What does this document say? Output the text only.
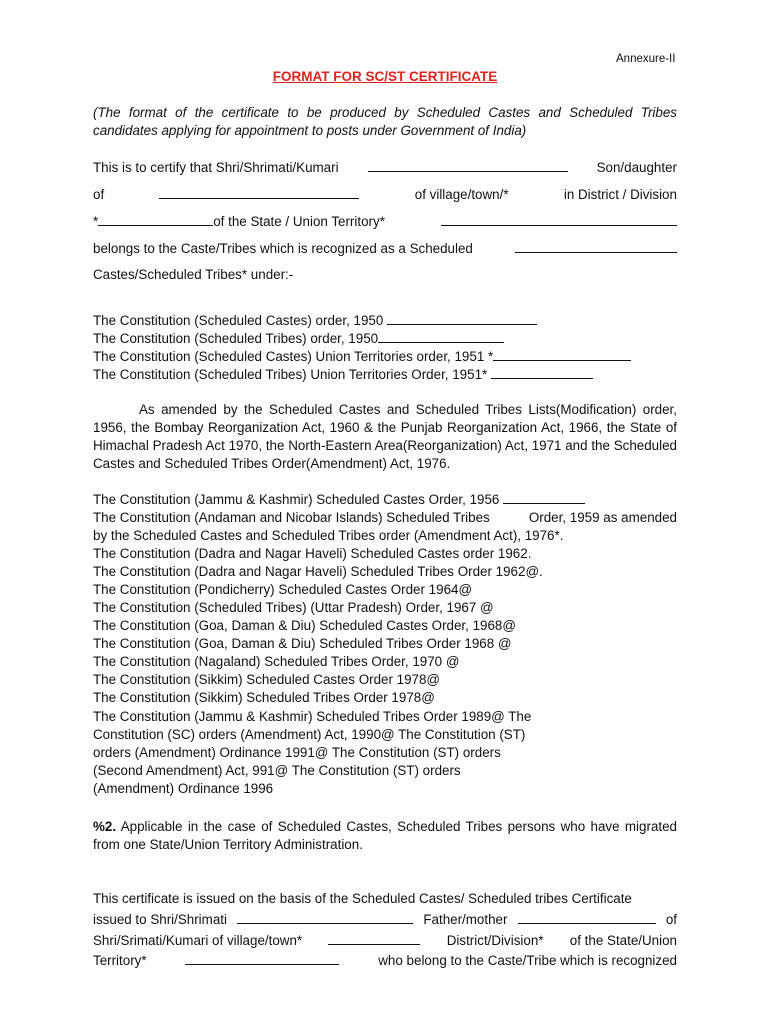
Annexure-II
FORMAT FOR SC/ST CERTIFICATE
(The format of the certificate to be produced by Scheduled Castes and Scheduled Tribes candidates applying for appointment to posts under Government of India)
This is to certify that Shri/Shrimati/Kumari	Son/daughter
of	of village/town/*	in District / Division
*	of the State / Union Territory*
belongs to the Caste/Tribes which is recognized as a Scheduled
Castes/Scheduled Tribes* under:-
The Constitution (Scheduled Castes) order, 1950
The Constitution (Scheduled Tribes) order, 1950
The Constitution (Scheduled Castes) Union Territories order, 1951 *
The Constitution (Scheduled Tribes) Union Territories Order, 1951*
As amended by the Scheduled Castes and Scheduled Tribes Lists(Modification) order, 1956, the Bombay Reorganization Act, 1960 & the Punjab Reorganization Act, 1966, the State of Himachal Pradesh Act 1970, the North-Eastern Area(Reorganization) Act, 1971 and the Scheduled Castes and Scheduled Tribes Order(Amendment) Act, 1976.
The Constitution (Jammu & Kashmir) Scheduled Castes Order, 1956
The Constitution (Andaman and Nicobar Islands) Scheduled Tribes	Order, 1959 as amended
by the Scheduled Castes and Scheduled Tribes order (Amendment Act), 1976*.
The Constitution (Dadra and Nagar Haveli) Scheduled Castes order 1962.
The Constitution (Dadra and Nagar Haveli) Scheduled Tribes Order 1962@.
The Constitution (Pondicherry) Scheduled Castes Order 1964@
The Constitution (Scheduled Tribes) (Uttar Pradesh) Order, 1967 @
The Constitution (Goa, Daman & Diu) Scheduled Castes Order, 1968@
The Constitution (Goa, Daman & Diu) Scheduled Tribes Order 1968 @
The Constitution (Nagaland) Scheduled Tribes Order, 1970 @
The Constitution (Sikkim) Scheduled Castes Order 1978@
The Constitution (Sikkim) Scheduled Tribes Order 1978@
The Constitution (Jammu & Kashmir) Scheduled Tribes Order 1989@ The
Constitution (SC) orders (Amendment) Act, 1990@ The Constitution (ST)
orders (Amendment) Ordinance 1991@ The Constitution (ST) orders
(Second Amendment) Act, 991@ The Constitution (ST) orders
(Amendment) Ordinance 1996
%2. Applicable in the case of Scheduled Castes, Scheduled Tribes persons who have migrated from one State/Union Territory Administration.
This certificate is issued on the basis of the Scheduled Castes/ Scheduled tribes Certificate
issued to Shri/Shrimati	Father/mother	of
Shri/Srimati/Kumari of village/town*	District/Division* of the State/Union
Territory*	who belong to the Caste/Tribe which is recognized
